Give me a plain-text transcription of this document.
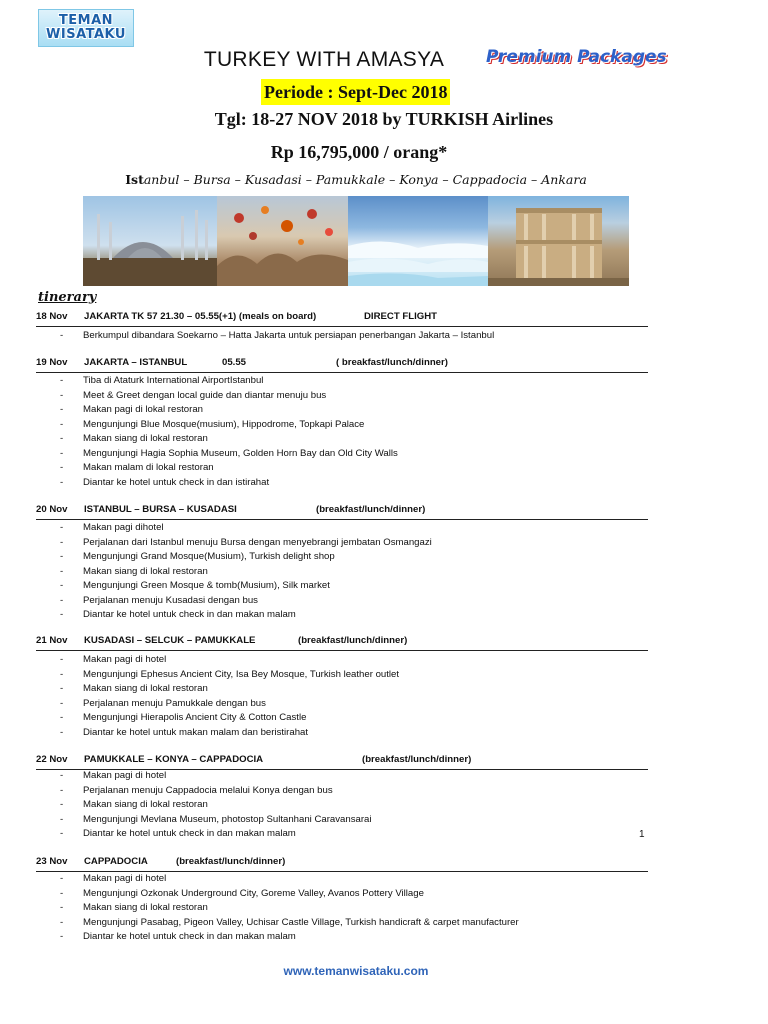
TEMAN
WISATAKU
Premium Packages
TURKEY WITH AMASYA
Periode : Sept-Dec 2018
Tgl: 18-27 NOV 2018 by TURKISH Airlines
Rp 16,795,000 / orang*
Istanbul – Bursa – Kusadasi – Pamukkale – Konya – Cappadocia – Ankara
tinerary
18 Nov JAKARTA TK 57 21.30 – 05.55(+1) (meals on board)	DIRECT FLIGHT
- Berkumpul dibandara Soekarno – Hatta Jakarta untuk persiapan penerbangan Jakarta – Istanbul
19 Nov JAKARTA – ISTANBUL	05.55	( breakfast/lunch/dinner)
- Tiba di Ataturk International AirportIstanbul
- Meet & Greet dengan local guide dan diantar menuju bus
- Makan pagi di lokal restoran
- Mengunjungi Blue Mosque(musium), Hippodrome, Topkapi Palace
- Makan siang di lokal restoran
- Mengunjungi Hagia Sophia Museum, Golden Horn Bay dan Old City Walls
- Makan malam di lokal restoran
- Diantar ke hotel untuk check in dan istirahat
20 Nov ISTANBUL – BURSA – KUSADASI	(breakfast/lunch/dinner)
- Makan pagi dihotel
- Perjalanan dari Istanbul menuju Bursa dengan menyebrangi jembatan Osmangazi
- Mengunjungi Grand Mosque(Musium), Turkish delight shop
- Makan siang di lokal restoran
- Mengunjungi Green Mosque & tomb(Musium), Silk market
- Perjalanan menuju Kusadasi dengan bus
- Diantar ke hotel untuk check in dan makan malam
21 Nov KUSADASI – SELCUK – PAMUKKALE	(breakfast/lunch/dinner)
- Makan pagi di hotel
- Mengunjungi Ephesus Ancient City, Isa Bey Mosque, Turkish leather outlet
- Makan siang di lokal restoran
- Perjalanan menuju Pamukkale dengan bus
- Mengunjungi Hierapolis Ancient City & Cotton Castle
- Diantar ke hotel untuk makan malam dan beristirahat
22 Nov PAMUKKALE – KONYA – CAPPADOCIA	(breakfast/lunch/dinner)
- Makan pagi di hotel
- Perjalanan menuju Cappadocia melalui Konya dengan bus
- Makan siang di lokal restoran
- Mengunjungi Mevlana Museum, photostop Sultanhani Caravansarai
- Diantar ke hotel untuk check in dan makan malam	1
23 Nov CAPPADOCIA	(breakfast/lunch/dinner)
- Makan pagi di hotel
- Mengunjungi Ozkonak Underground City, Goreme Valley, Avanos Pottery Village
- Makan siang di lokal restoran
- Mengunjungi Pasabag, Pigeon Valley, Uchisar Castle Village, Turkish handicraft & carpet manufacturer
- Diantar ke hotel untuk check in dan makan malam
www.temanwisataku.com
